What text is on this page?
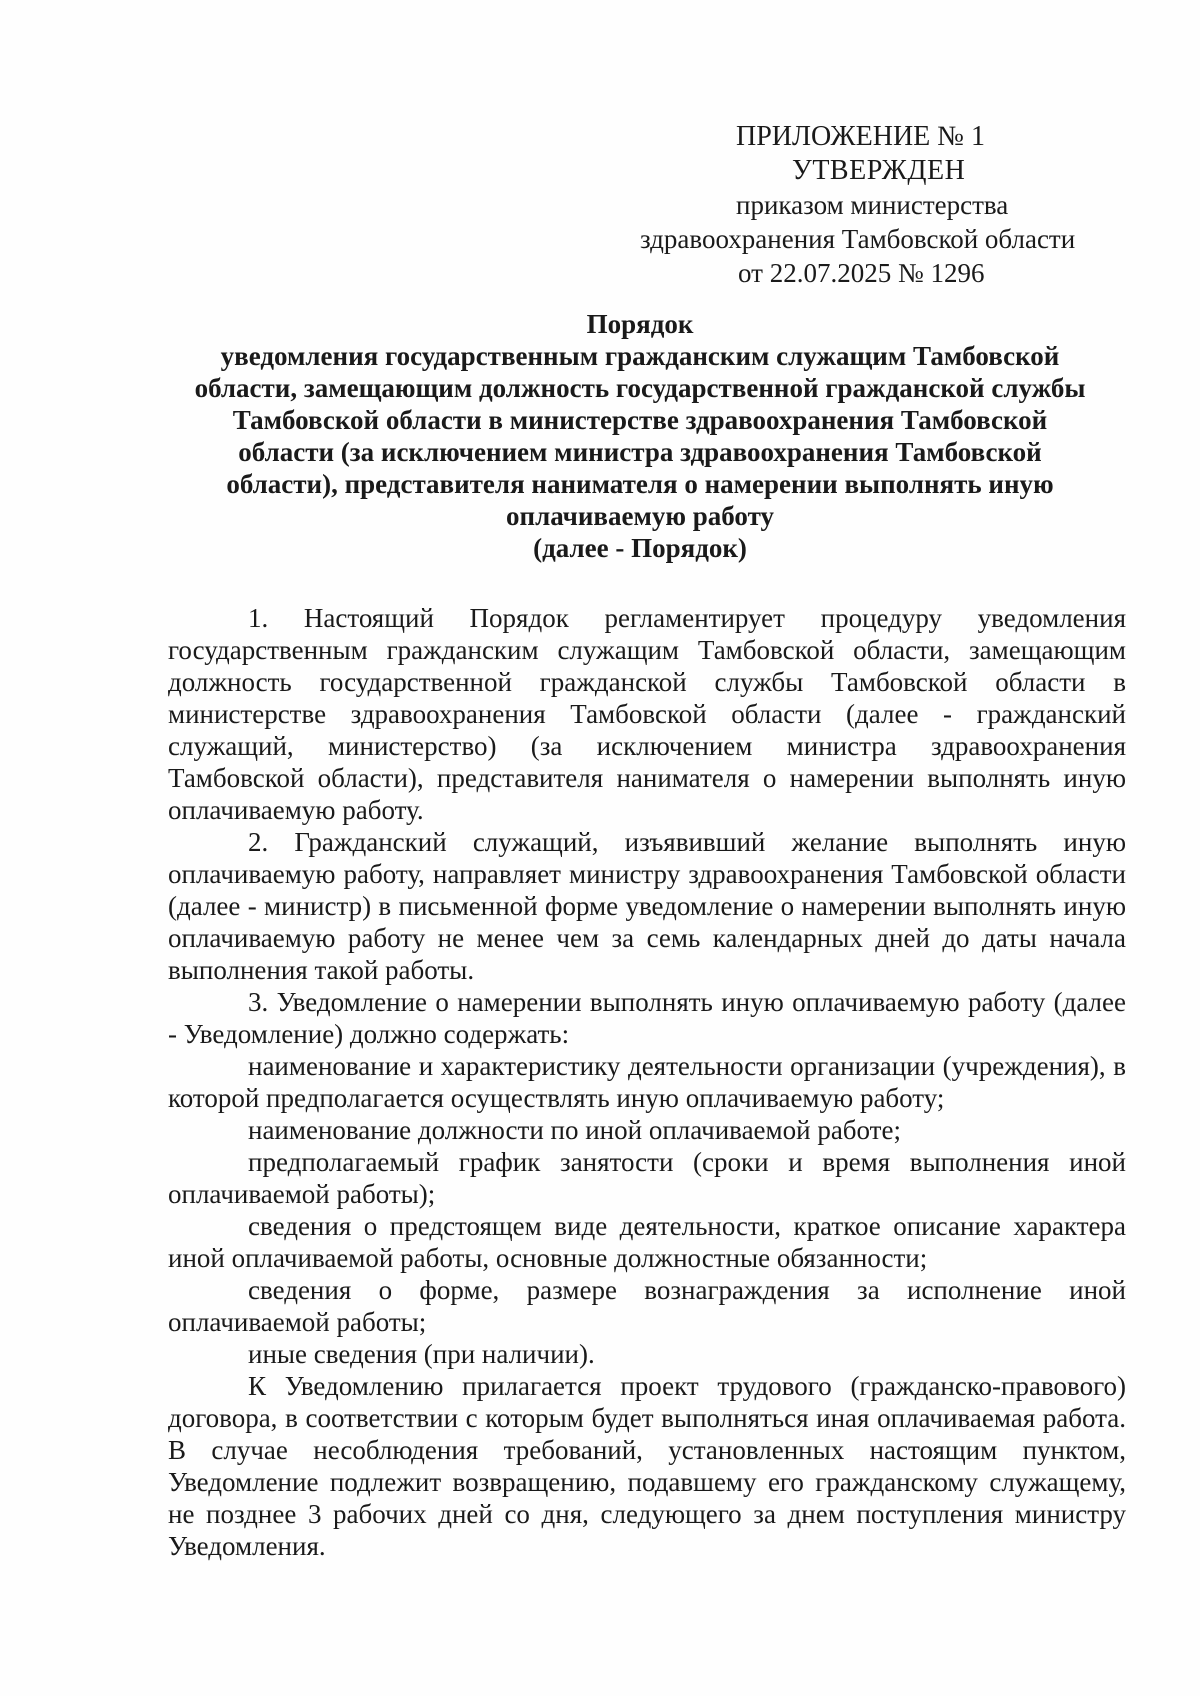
ПРИЛОЖЕНИЕ № 1
УТВЕРЖДЕН
приказом министерства
здравоохранения Тамбовской области
от 22.07.2025 № 1296
Порядок
уведомления государственным гражданским служащим Тамбовской
области, замещающим должность государственной гражданской службы
Тамбовской области в министерстве здравоохранения Тамбовской
области (за исключением министра здравоохранения Тамбовской
области), представителя нанимателя о намерении выполнять иную
оплачиваемую работу
(далее - Порядок)

1. Настоящий Порядок регламентирует процедуру уведомления государственным гражданским служащим Тамбовской области, замещающим должность государственной гражданской службы Тамбовской области в министерстве здравоохранения Тамбовской области (далее - гражданский служащий, министерство) (за исключением министра здравоохранения Тамбовской области), представителя нанимателя о намерении выполнять иную оплачиваемую работу.

2. Гражданский служащий, изъявивший желание выполнять иную оплачиваемую работу, направляет министру здравоохранения Тамбовской области (далее - министр) в письменной форме уведомление о намерении выполнять иную оплачиваемую работу не менее чем за семь календарных дней до даты начала выполнения такой работы.

3. Уведомление о намерении выполнять иную оплачиваемую работу (далее - Уведомление) должно содержать:

наименование и характеристику деятельности организации (учреждения), в которой предполагается осуществлять иную оплачиваемую работу;

наименование должности по иной оплачиваемой работе;

предполагаемый график занятости (сроки и время выполнения иной оплачиваемой работы);

сведения о предстоящем виде деятельности, краткое описание характера иной оплачиваемой работы, основные должностные обязанности;

сведения о форме, размере вознаграждения за исполнение иной оплачиваемой работы;

иные сведения (при наличии).

К Уведомлению прилагается проект трудового (гражданско-правового) договора, в соответствии с которым будет выполняться иная оплачиваемая работа. В случае несоблюдения требований, установленных настоящим пунктом, Уведомление подлежит возвращению, подавшему его гражданскому служащему, не позднее 3 рабочих дней со дня, следующего за днем поступления министру Уведомления.
